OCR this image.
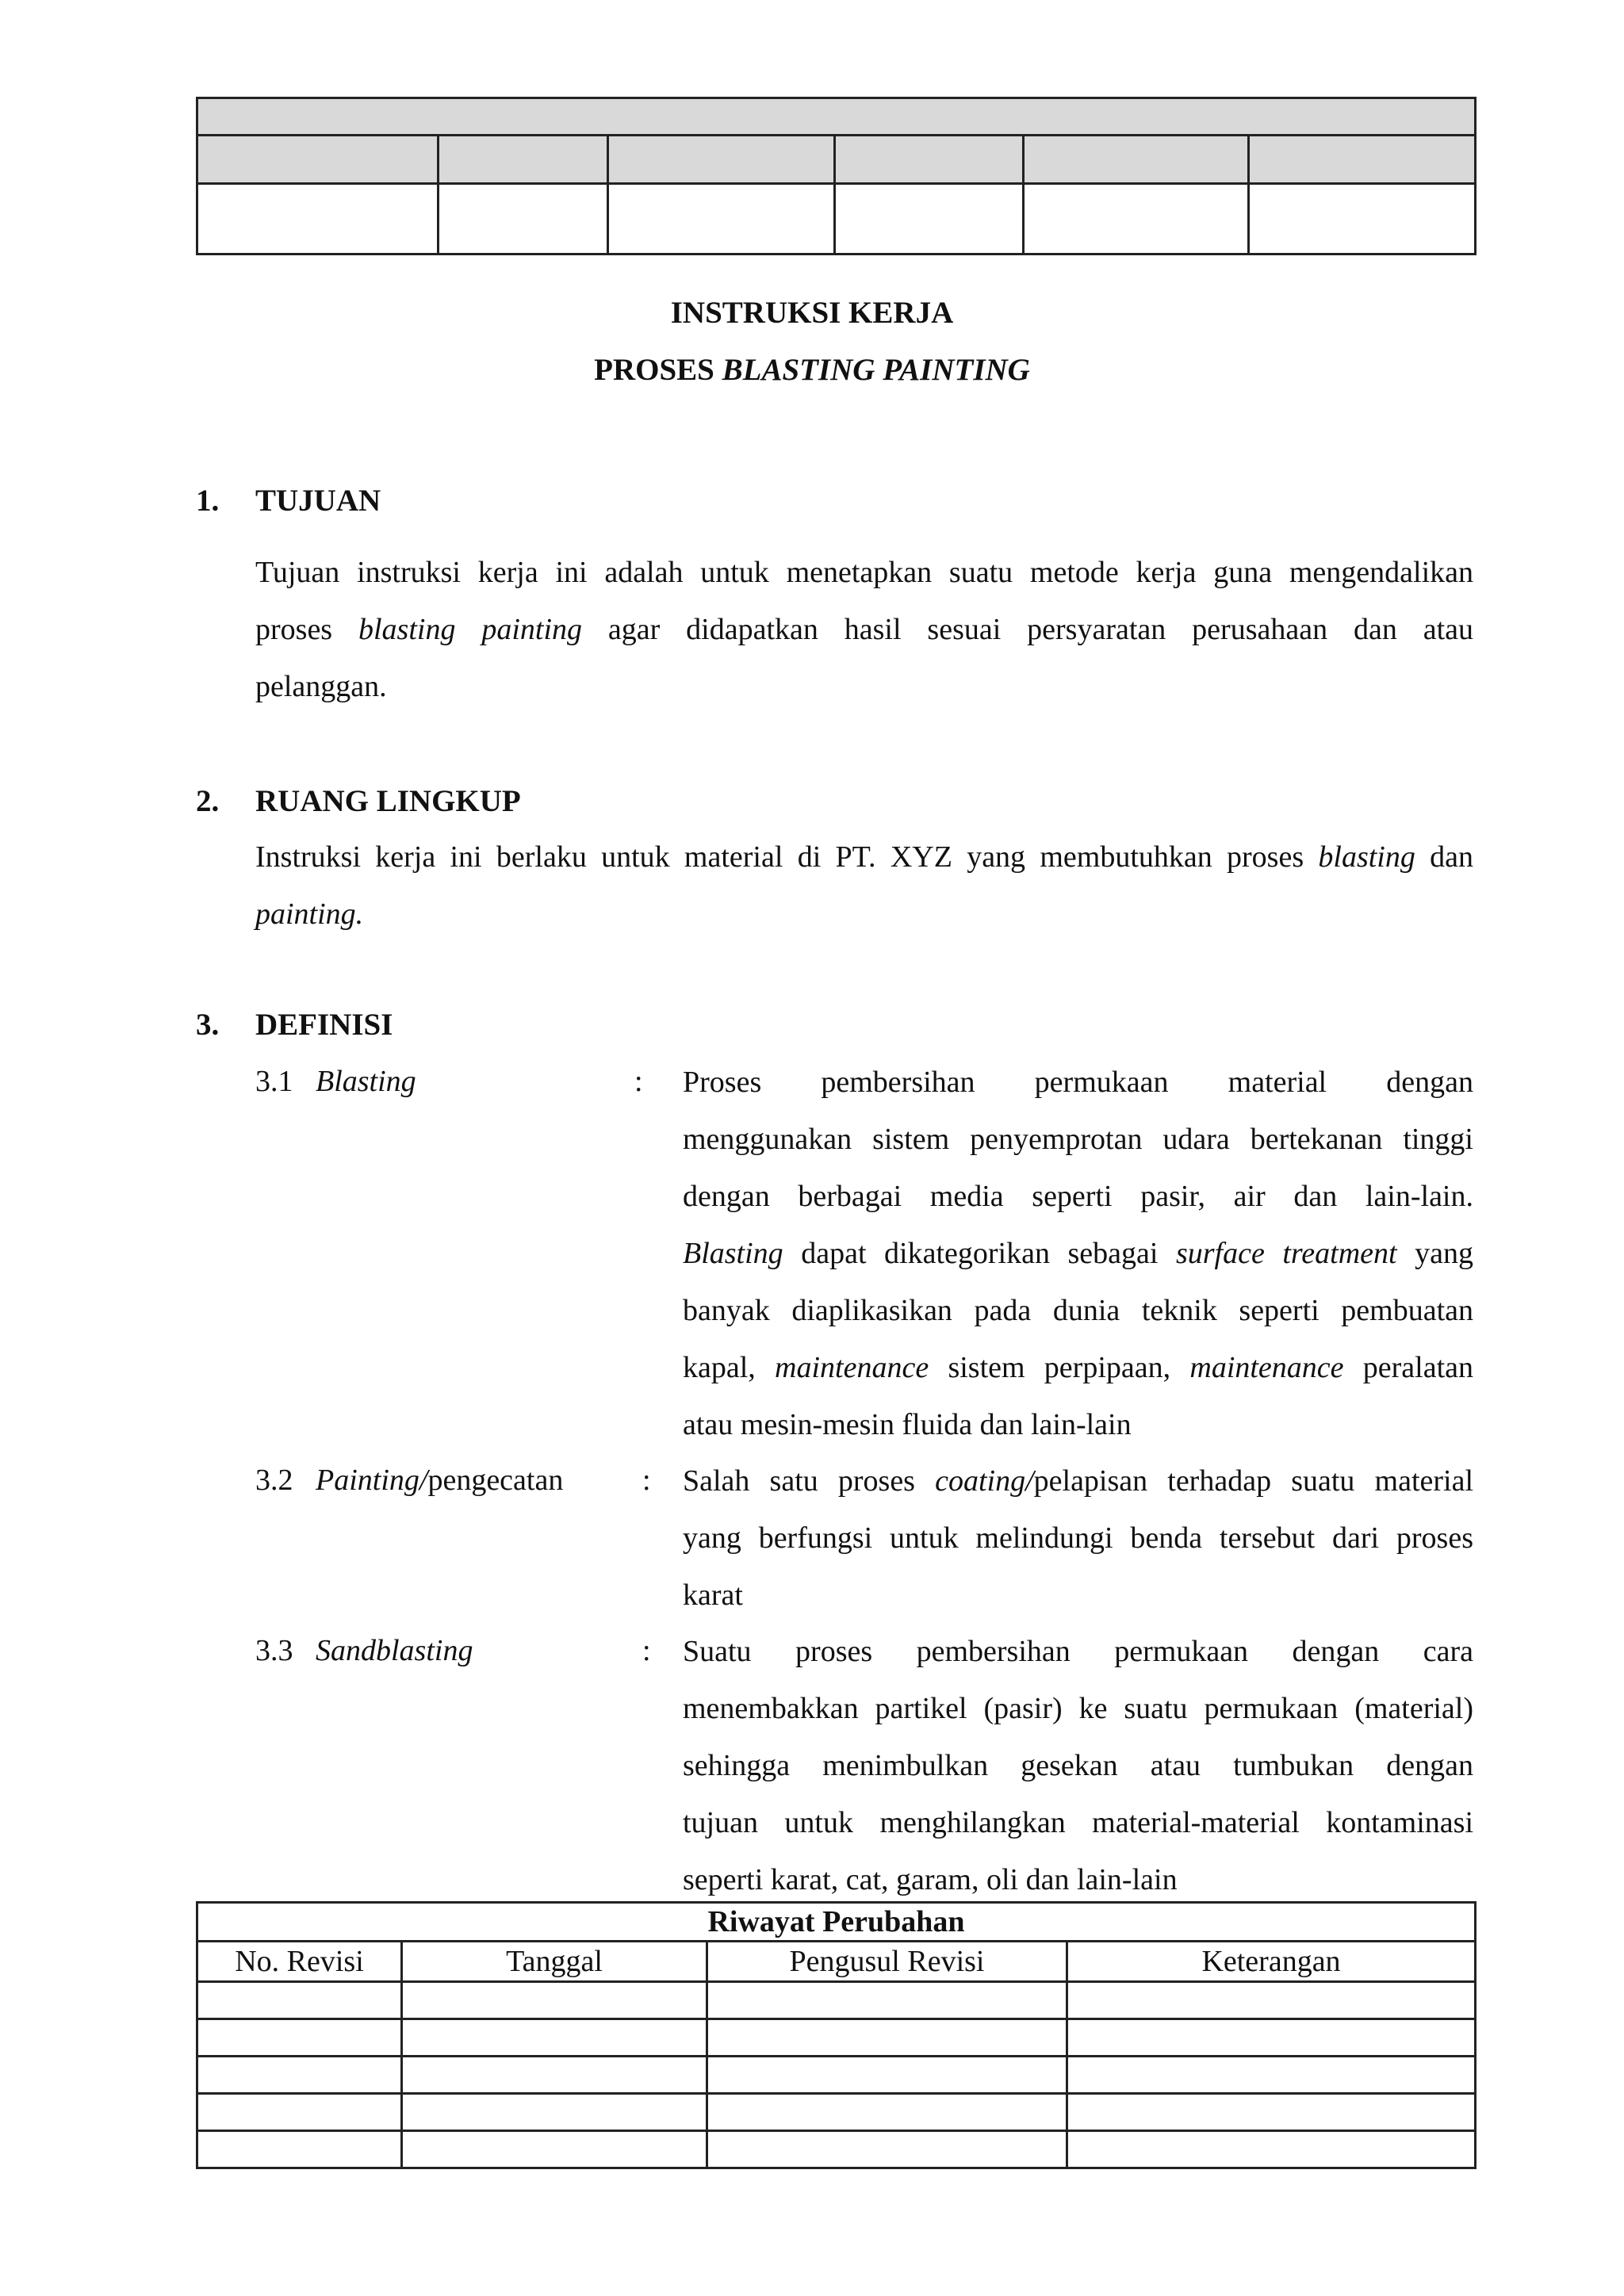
INSTRUKSI KERJA
PROSES BLASTING PAINTING
1. TUJUAN
Tujuan instruksi kerja ini adalah untuk menetapkan suatu metode kerja guna mengendalikan
proses blasting painting agar didapatkan hasil sesuai persyaratan perusahaan dan atau
pelanggan.
2. RUANG LINGKUP
Instruksi kerja ini berlaku untuk material di PT. XYZ yang membutuhkan proses blasting dan
painting.
3. DEFINISI
3.1 Blasting	: Proses pembersihan permukaan material dengan
menggunakan sistem penyemprotan udara bertekanan tinggi
dengan berbagai media seperti pasir, air dan lain-lain.
Blasting dapat dikategorikan sebagai surface treatment yang
banyak diaplikasikan pada dunia teknik seperti pembuatan
kapal, maintenance sistem perpipaan, maintenance peralatan
atau mesin-mesin fluida dan lain-lain
3.2 Painting/pengecatan	: Salah satu proses coating/pelapisan terhadap suatu material
yang berfungsi untuk melindungi benda tersebut dari proses
karat
3.3 Sandblasting	: Suatu proses pembersihan permukaan dengan cara
menembakkan partikel (pasir) ke suatu permukaan (material)
sehingga menimbulkan gesekan atau tumbukan dengan
tujuan untuk menghilangkan material-material kontaminasi
seperti karat, cat, garam, oli dan lain-lain
Riwayat Perubahan			
No. Revisi	Tanggal	Pengusul Revisi	Keterangan
